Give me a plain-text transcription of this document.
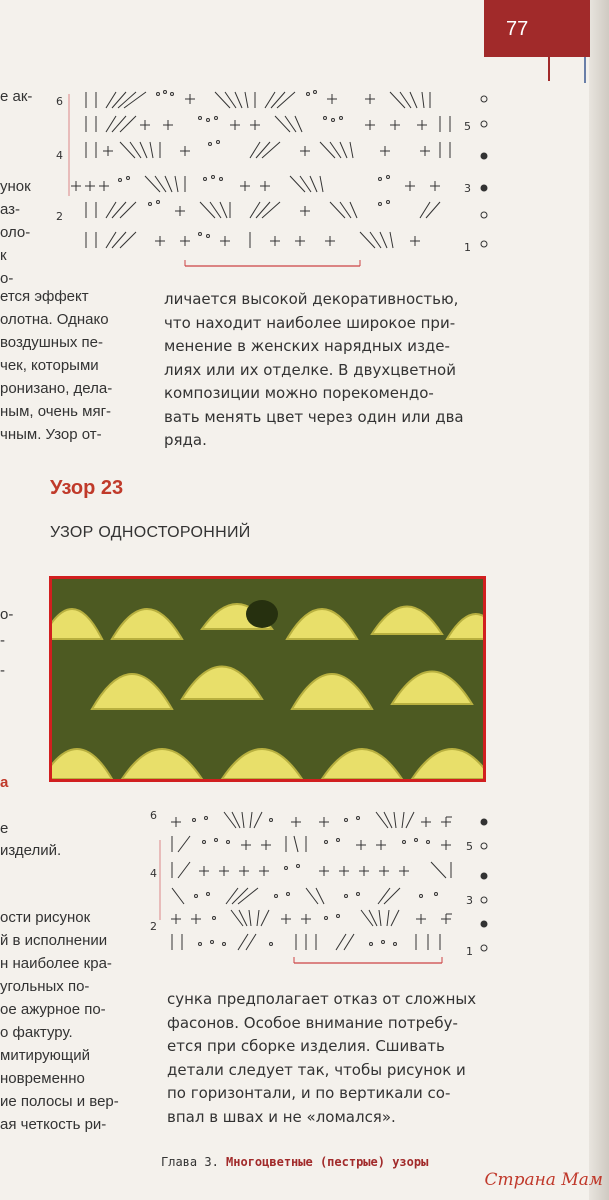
77
е ак-
унок
аз-
оло-
к
о-
ется эффект
олотна. Однако
воздушных пе-
чек, которыми
ронизано, дела-
ным, очень мяг-
чным. Узор от-
о-
-
-
а
е
изделий.
ости рисунок
й в исполнении
н наиболее кра-
угольных по-
ое ажурное по-
о фактуру.
митирующий
новременно
ие полосы и вер-
ая четкость ри-
6
4
2
5
3
1
личается высокой декоративностью,
что находит наиболее широкое при-
менение в женских нарядных изде-
лиях или их отделке. В двухцветной
композиции можно порекомендо-
вать менять цвет через один или два
ряда.
Узор 23
УЗОР ОДНОСТОРОННИЙ
6
4
2
5
3
1
сунка предполагает отказ от сложных
фасонов. Особое внимание потребу-
ется при сборке изделия. Сшивать
детали следует так, чтобы рисунок и
по горизонтали, и по вертикали со-
впал в швах и не «ломался».
Глава 3. Многоцветные (пестрые) узоры
Страна Мам
